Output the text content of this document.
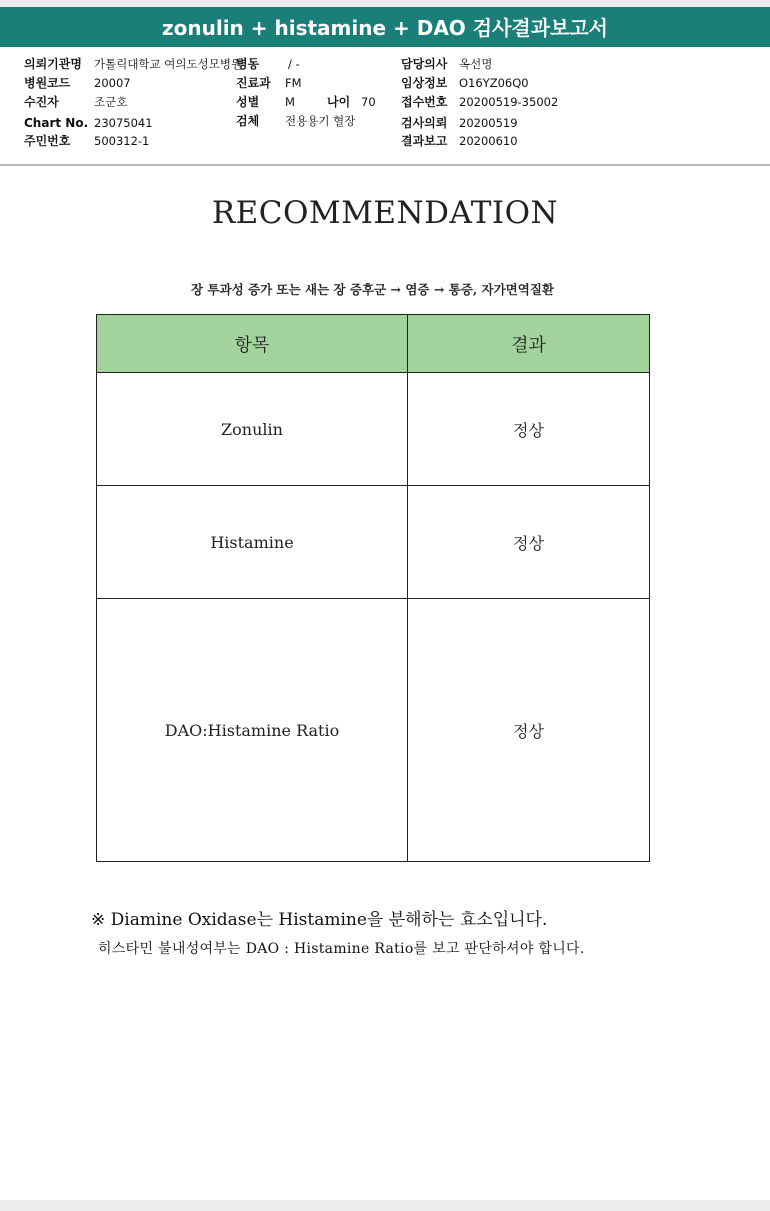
zonulin + histamine + DAO 검사결과보고서
의뢰기관명 가톨릭대학교 여의도성모병원
병동	/ -	담당의사 옥선명
병원코드 20007	진료과 FM	임상정보 O16YZ06Q0
수진자	조군호	성별 M	나이 70 접수번호 20200519-35002
Chart No. 23075041	검체 전용용기 혈장	검사의뢰 20200519
주민번호 500312-1	결과보고 20200610
RECOMMENDATION
장 투과성 증가 또는 새는 장 증후군 → 염증 → 통증, 자가면역질환
항목	결과
Zonulin	정상
Histamine	정상
DAO:Histamine Ratio	정상
※ Diamine Oxidase는 Histamine을 분해하는 효소입니다.
히스타민 불내성여부는 DAO : Histamine Ratio를 보고 판단하셔야 합니다.
